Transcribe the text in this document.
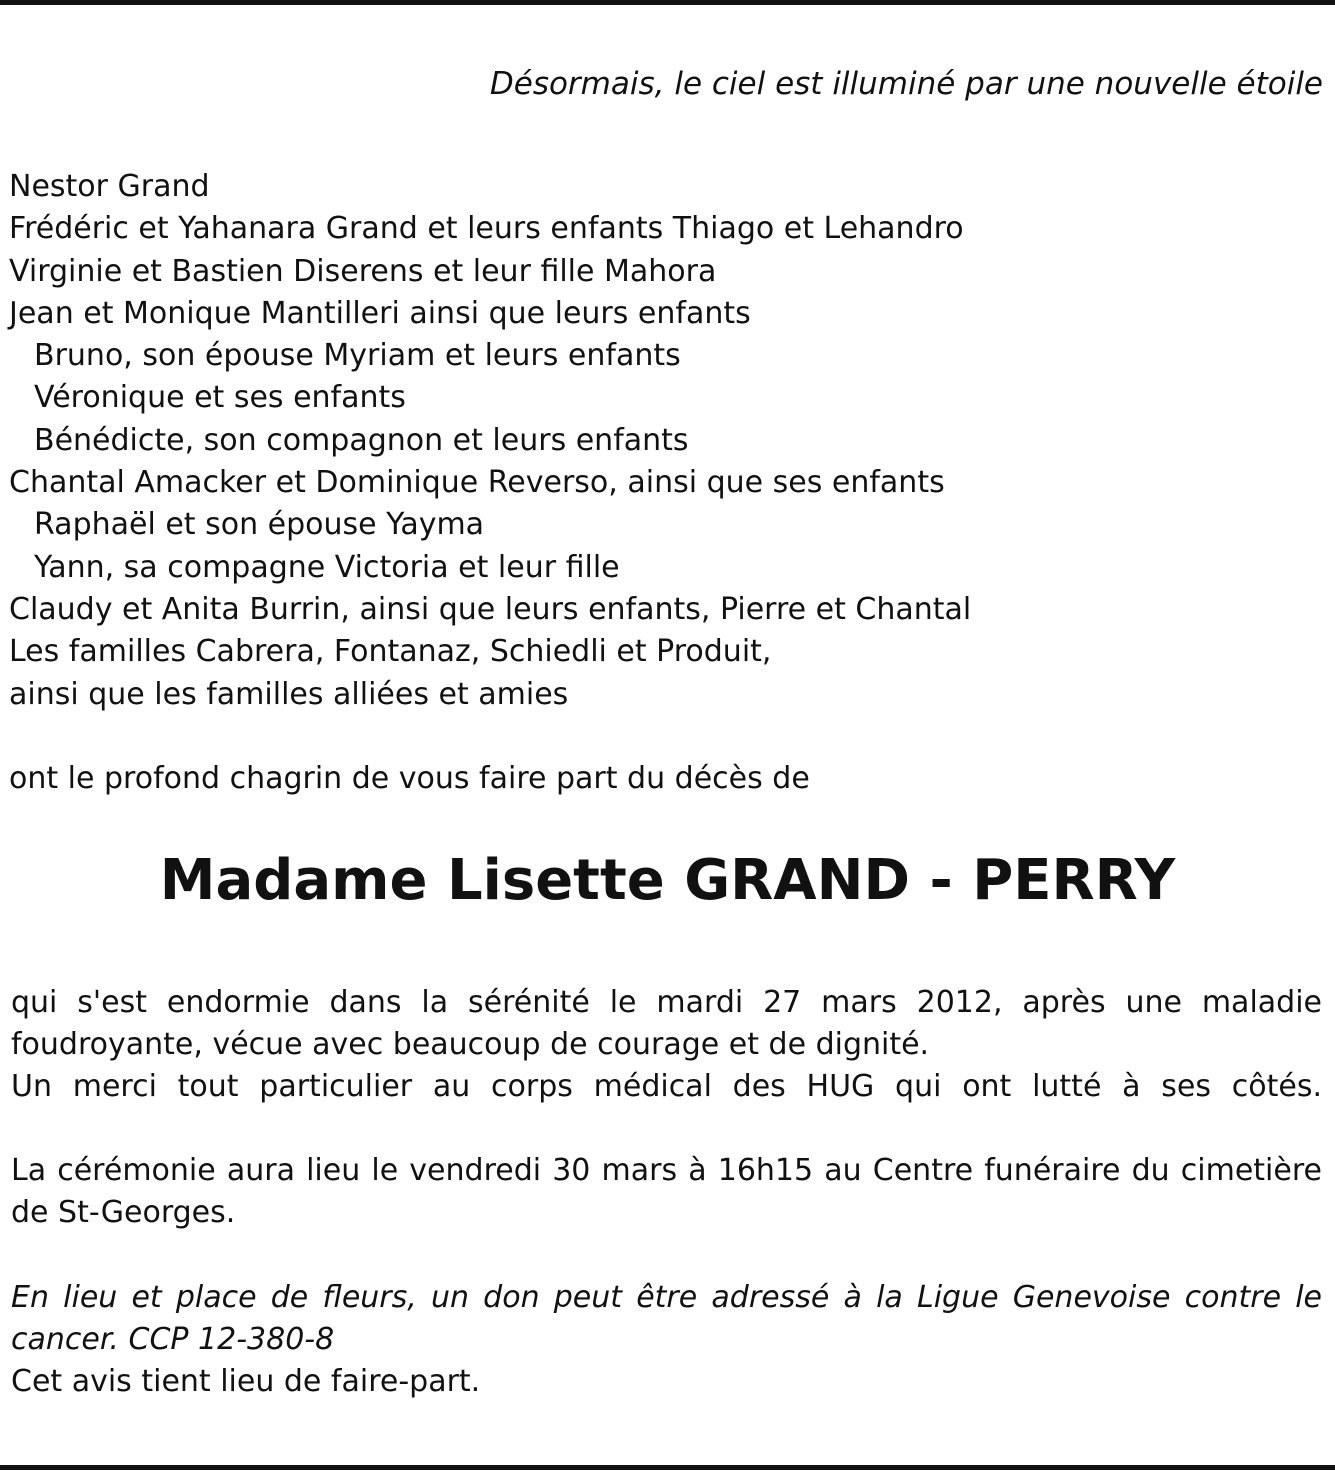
Désormais, le ciel est illuminé par une nouvelle étoile
Nestor Grand
Frédéric et Yahanara Grand et leurs enfants Thiago et Lehandro
Virginie et Bastien Diserens et leur fille Mahora
Jean et Monique Mantilleri ainsi que leurs enfants
Bruno, son épouse Myriam et leurs enfants
Véronique et ses enfants
Bénédicte, son compagnon et leurs enfants
Chantal Amacker et Dominique Reverso, ainsi que ses enfants
Raphaël et son épouse Yayma
Yann, sa compagne Victoria et leur fille
Claudy et Anita Burrin, ainsi que leurs enfants, Pierre et Chantal
Les familles Cabrera, Fontanaz, Schiedli et Produit,
ainsi que les familles alliées et amies
ont le profond chagrin de vous faire part du décès de
Madame Lisette GRAND - PERRY

qui s'est endormie dans la sérénité le mardi 27 mars 2012, après une maladie foudroyante, vécue avec beaucoup de courage et de dignité.

Un merci tout particulier au corps médical des HUG qui ont lutté à ses côtés.

La cérémonie aura lieu le vendredi 30 mars à 16h15 au Centre funéraire du cimetière de St-Georges.

En lieu et place de fleurs, un don peut être adressé à la Ligue Genevoise contre le cancer. CCP 12-380-8

Cet avis tient lieu de faire-part.
